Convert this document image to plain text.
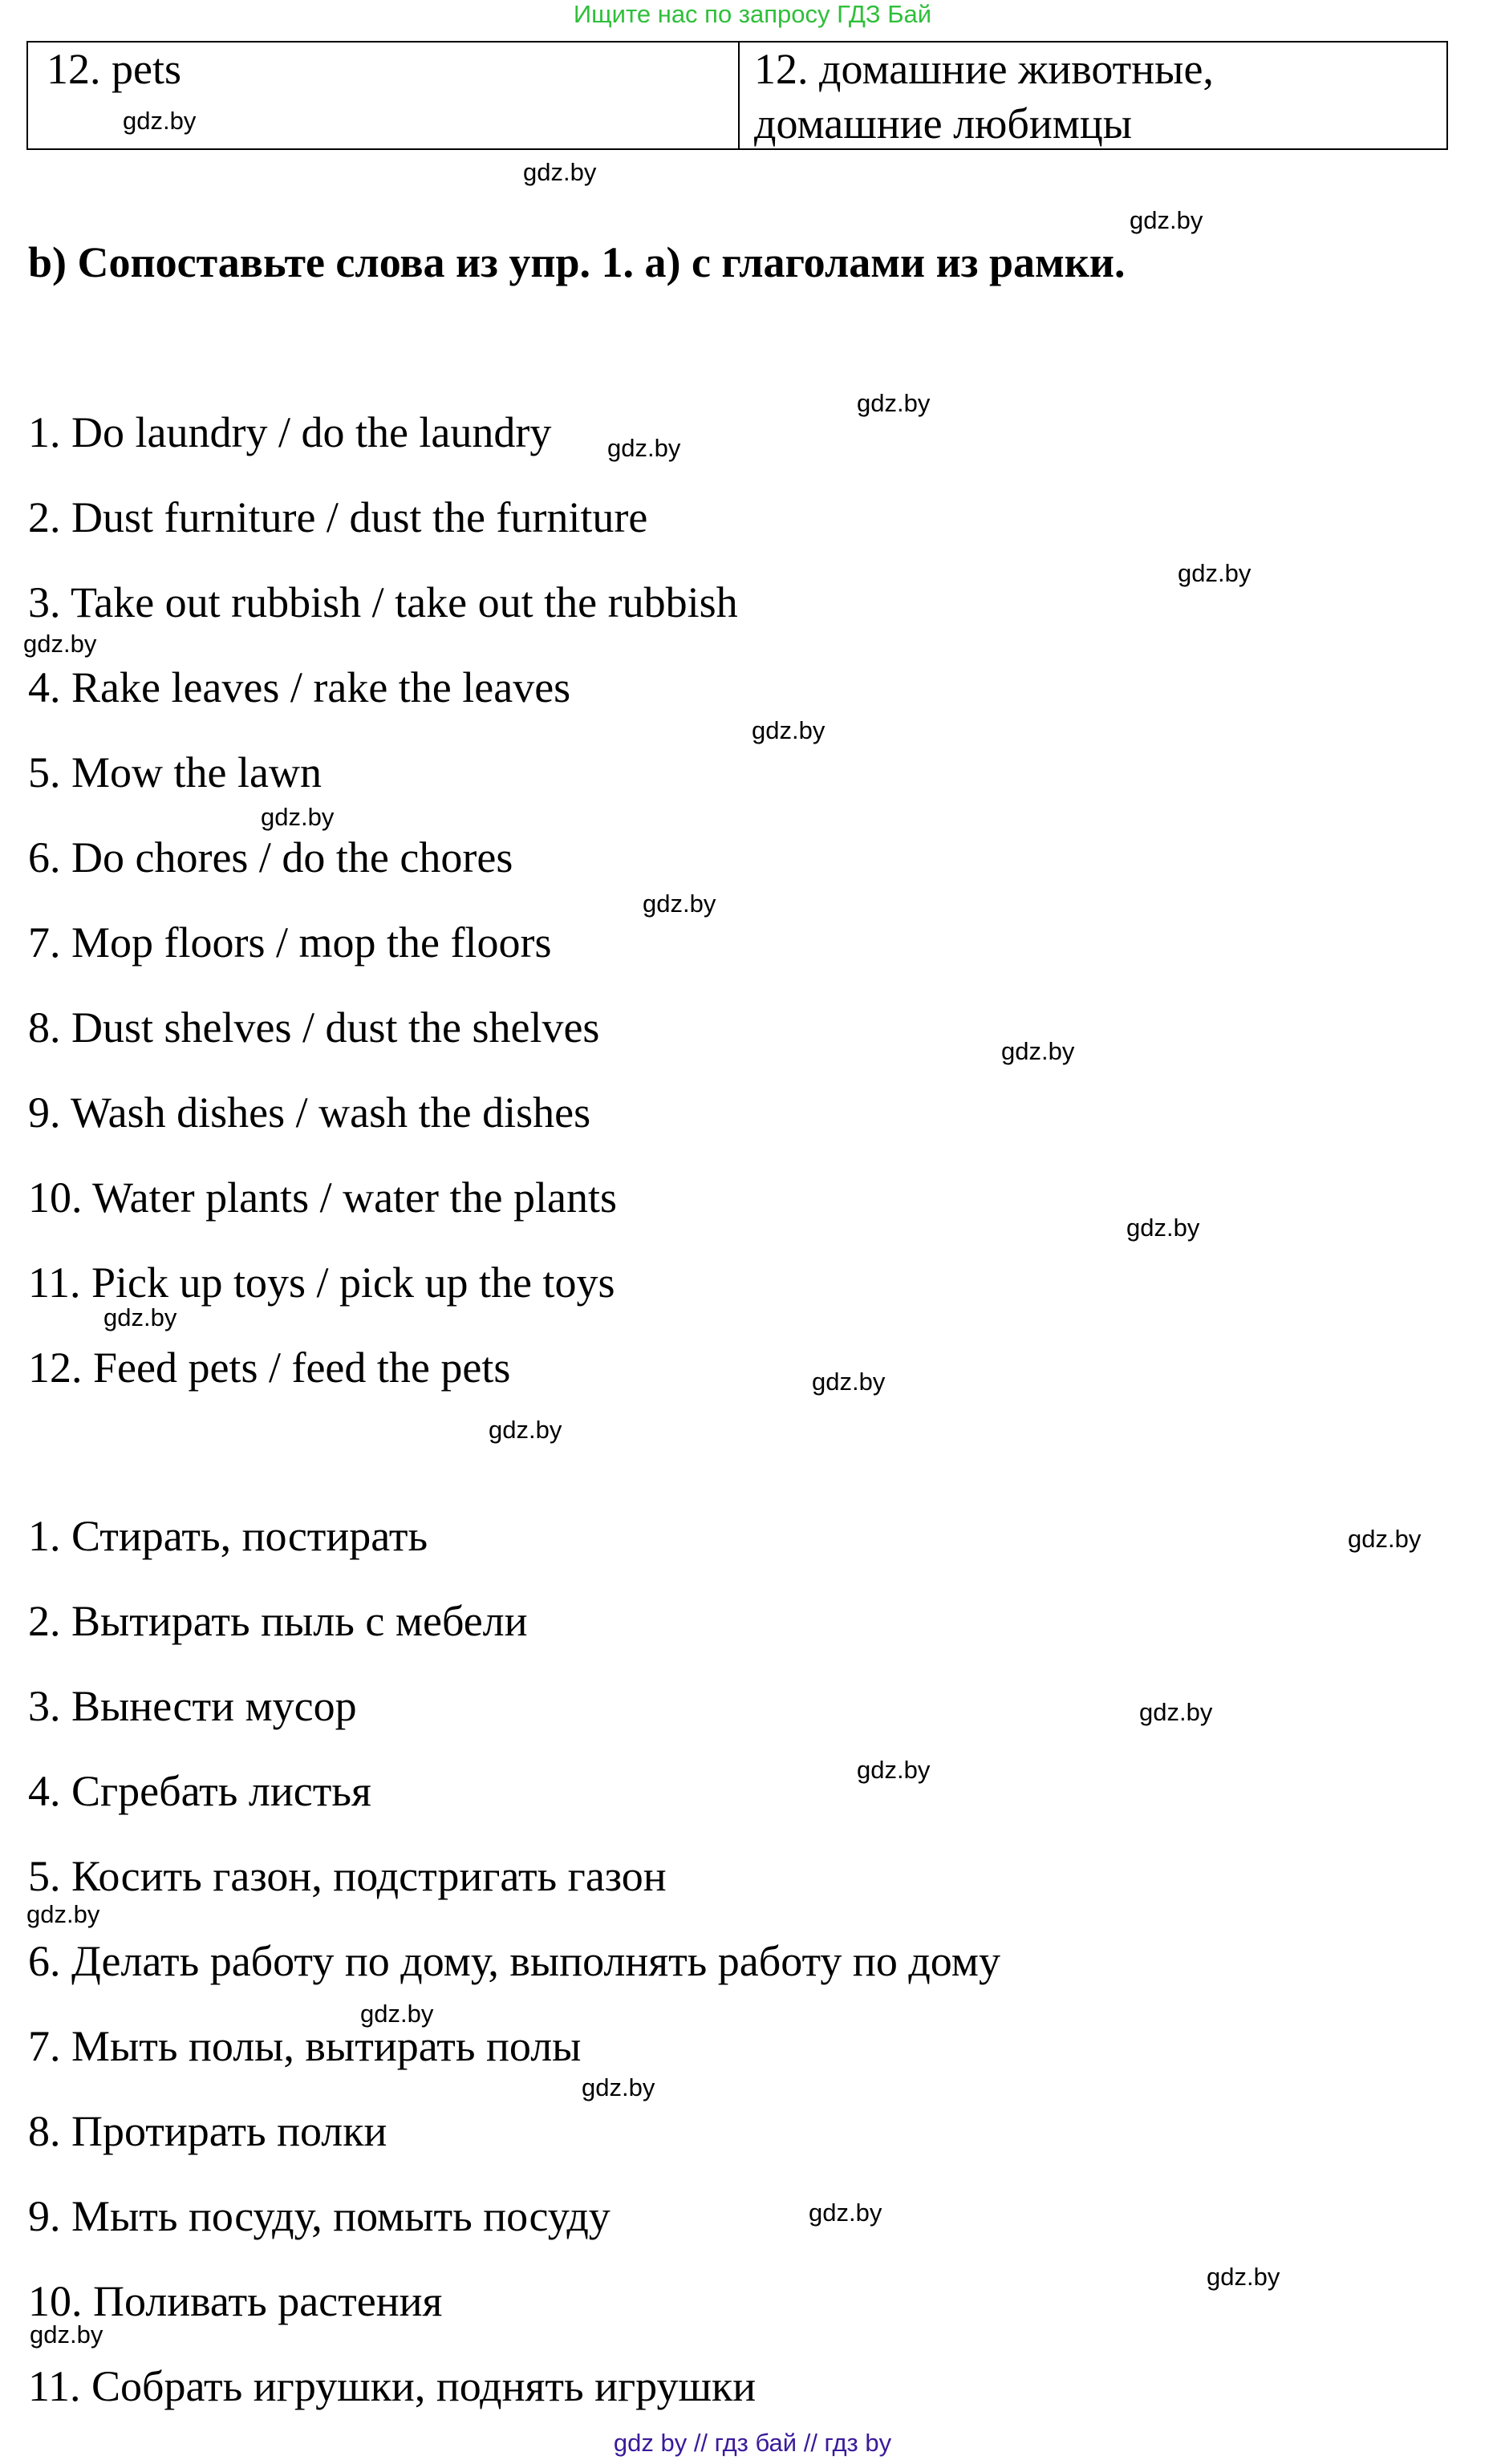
Ищите нас по запросу ГДЗ Бай
12. pets	12. домашние животные,
домашние любимцы
b) Сопоставьте слова из упр. 1. a) с глаголами из рамки.
1. Do laundry / do the laundry
2. Dust furniture / dust the furniture
3. Take out rubbish / take out the rubbish
4. Rake leaves / rake the leaves
5. Mow the lawn
6. Do chores / do the chores
7. Mop floors / mop the floors
8. Dust shelves / dust the shelves
9. Wash dishes / wash the dishes
10. Water plants / water the plants
11. Pick up toys / pick up the toys
12. Feed pets / feed the pets
1. Стирать, постирать
2. Вытирать пыль с мебели
3. Вынести мусор
4. Сгребать листья
5. Косить газон, подстригать газон
6. Делать работу по дому, выполнять работу по дому
7. Мыть полы, вытирать полы
8. Протирать полки
9. Мыть посуду, помыть посуду
10. Поливать растения
11. Собрать игрушки, поднять игрушки
gdz.by
gdz.by
gdz.by
gdz.by
gdz.by
gdz.by
gdz.by
gdz.by
gdz.by
gdz.by
gdz.by
gdz.by
gdz.by
gdz.by
gdz.by
gdz.by
gdz.by
gdz.by
gdz.by
gdz.by
gdz.by
gdz.by
gdz.by
gdz.by
gdz by // гдз бай // гдз by
